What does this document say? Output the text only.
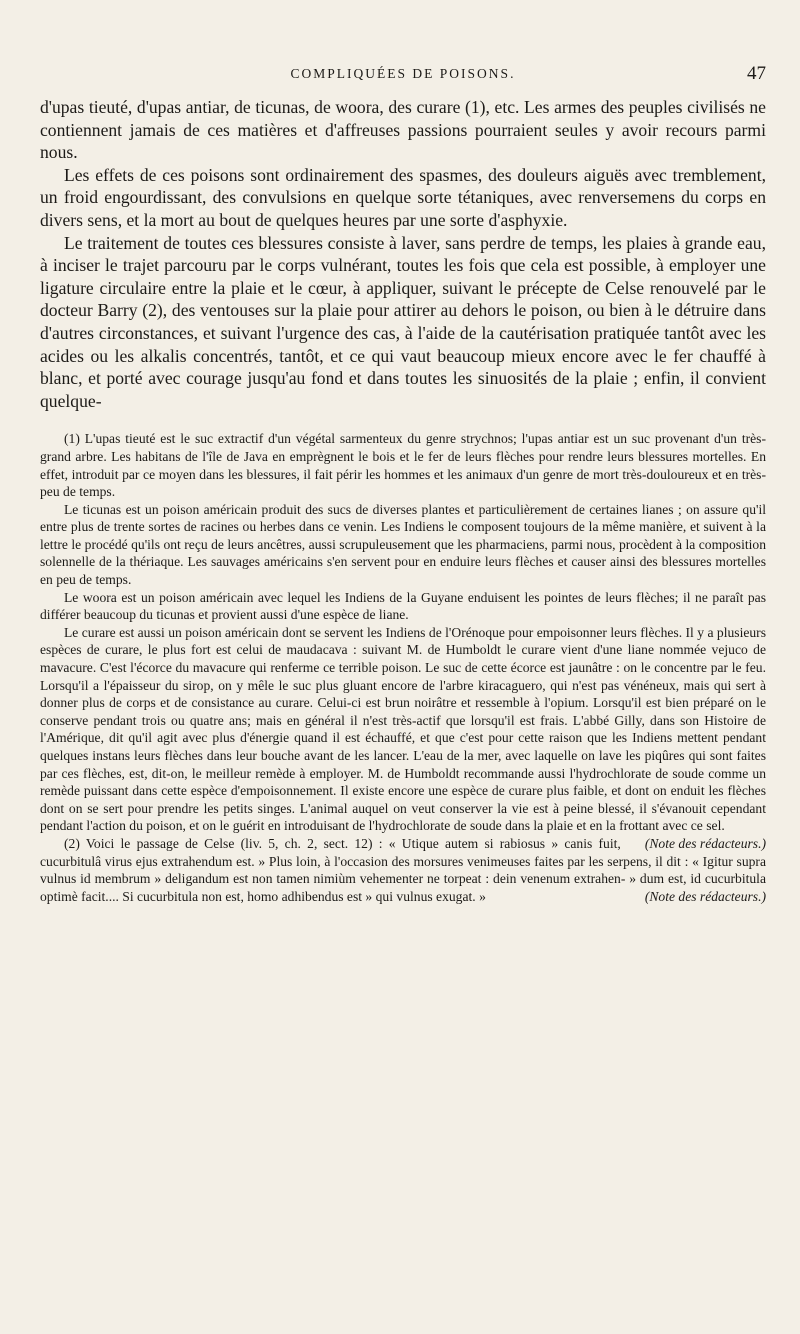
COMPLIQUÉES DE POISONS.	47

d'upas tieuté, d'upas antiar, de ticunas, de woora, des curare (1), etc. Les armes des peuples civilisés ne contiennent jamais de ces matières et d'affreuses passions pourraient seules y avoir recours parmi nous.

Les effets de ces poisons sont ordinairement des spasmes, des douleurs aiguës avec tremblement, un froid engourdissant, des convulsions en quelque sorte tétaniques, avec renversemens du corps en divers sens, et la mort au bout de quelques heures par une sorte d'asphyxie.

Le traitement de toutes ces blessures consiste à laver, sans perdre de temps, les plaies à grande eau, à inciser le trajet parcouru par le corps vulnérant, toutes les fois que cela est possible, à employer une ligature circulaire entre la plaie et le cœur, à appliquer, suivant le précepte de Celse renouvelé par le docteur Barry (2), des ventouses sur la plaie pour attirer au dehors le poison, ou bien à le détruire dans d'autres circonstances, et suivant l'urgence des cas, à l'aide de la cautérisation pratiquée tantôt avec les acides ou les alkalis concentrés, tantôt, et ce qui vaut beaucoup mieux encore avec le fer chauffé à blanc, et porté avec courage jusqu'au fond et dans toutes les sinuosités de la plaie ; enfin, il convient quelque-

(1) L'upas tieuté est le suc extractif d'un végétal sarmenteux du genre strychnos; l'upas antiar est un suc provenant d'un très-grand arbre. Les habitans de l'île de Java en emprègnent le bois et le fer de leurs flèches pour rendre leurs blessures mortelles. En effet, introduit par ce moyen dans les blessures, il fait périr les hommes et les animaux d'un genre de mort très-douloureux et en très-peu de temps.

Le ticunas est un poison américain produit des sucs de diverses plantes et particulièrement de certaines lianes ; on assure qu'il entre plus de trente sortes de racines ou herbes dans ce venin. Les Indiens le composent toujours de la même manière, et suivent à la lettre le procédé qu'ils ont reçu de leurs ancêtres, aussi scrupuleusement que les pharmaciens, parmi nous, procèdent à la composition solennelle de la thériaque. Les sauvages américains s'en servent pour en enduire leurs flèches et causer ainsi des blessures mortelles en peu de temps.

Le woora est un poison américain avec lequel les Indiens de la Guyane enduisent les pointes de leurs flèches; il ne paraît pas différer beaucoup du ticunas et provient aussi d'une espèce de liane.

Le curare est aussi un poison américain dont se servent les Indiens de l'Orénoque pour empoisonner leurs flèches. Il y a plusieurs espèces de curare, le plus fort est celui de maudacava : suivant M. de Humboldt le curare vient d'une liane nommée vejuco de mavacure. C'est l'écorce du mavacure qui renferme ce terrible poison. Le suc de cette écorce est jaunâtre : on le concentre par le feu. Lorsqu'il a l'épaisseur du sirop, on y mêle le suc plus gluant encore de l'arbre kiracaguero, qui n'est pas vénéneux, mais qui sert à donner plus de corps et de consistance au curare. Celui-ci est brun noirâtre et ressemble à l'opium. Lorsqu'il est bien préparé on le conserve pendant trois ou quatre ans; mais en général il n'est très-actif que lorsqu'il est frais. L'abbé Gilly, dans son Histoire de l'Amérique, dit qu'il agit avec plus d'énergie quand il est échauffé, et que c'est pour cette raison que les Indiens mettent pendant quelques instans leurs flèches dans leur bouche avant de les lancer. L'eau de la mer, avec laquelle on lave les piqûres qui sont faites par ces flèches, est, dit-on, le meilleur remède à employer. M. de Humboldt recommande aussi l'hydrochlorate de soude comme un remède puissant dans cette espèce d'empoisonnement. Il existe encore une espèce de curare plus faible, et dont on enduit les flèches dont on se sert pour prendre les petits singes. L'animal auquel on veut conserver la vie est à peine blessé, il s'évanouit cependant pendant l'action du poison, et on le guérit en introduisant de l'hydrochlorate de soude dans la plaie et en la frottant avec ce sel.
(Note des rédacteurs.)

(2) Voici le passage de Celse (liv. 5, ch. 2, sect. 12) : « Utique autem si rabiosus » canis fuit, cucurbitulâ virus ejus extrahendum est. » Plus loin, à l'occasion des morsures venimeuses faites par les serpens, il dit : « Igitur supra vulnus id membrum » deligandum est non tamen nimiùm vehementer ne torpeat : dein venenum extrahen- » dum est, id cucurbitula optimè facit.... Si cucurbitula non est, homo adhibendus est » qui vulnus exugat. »	(Note des rédacteurs.)
